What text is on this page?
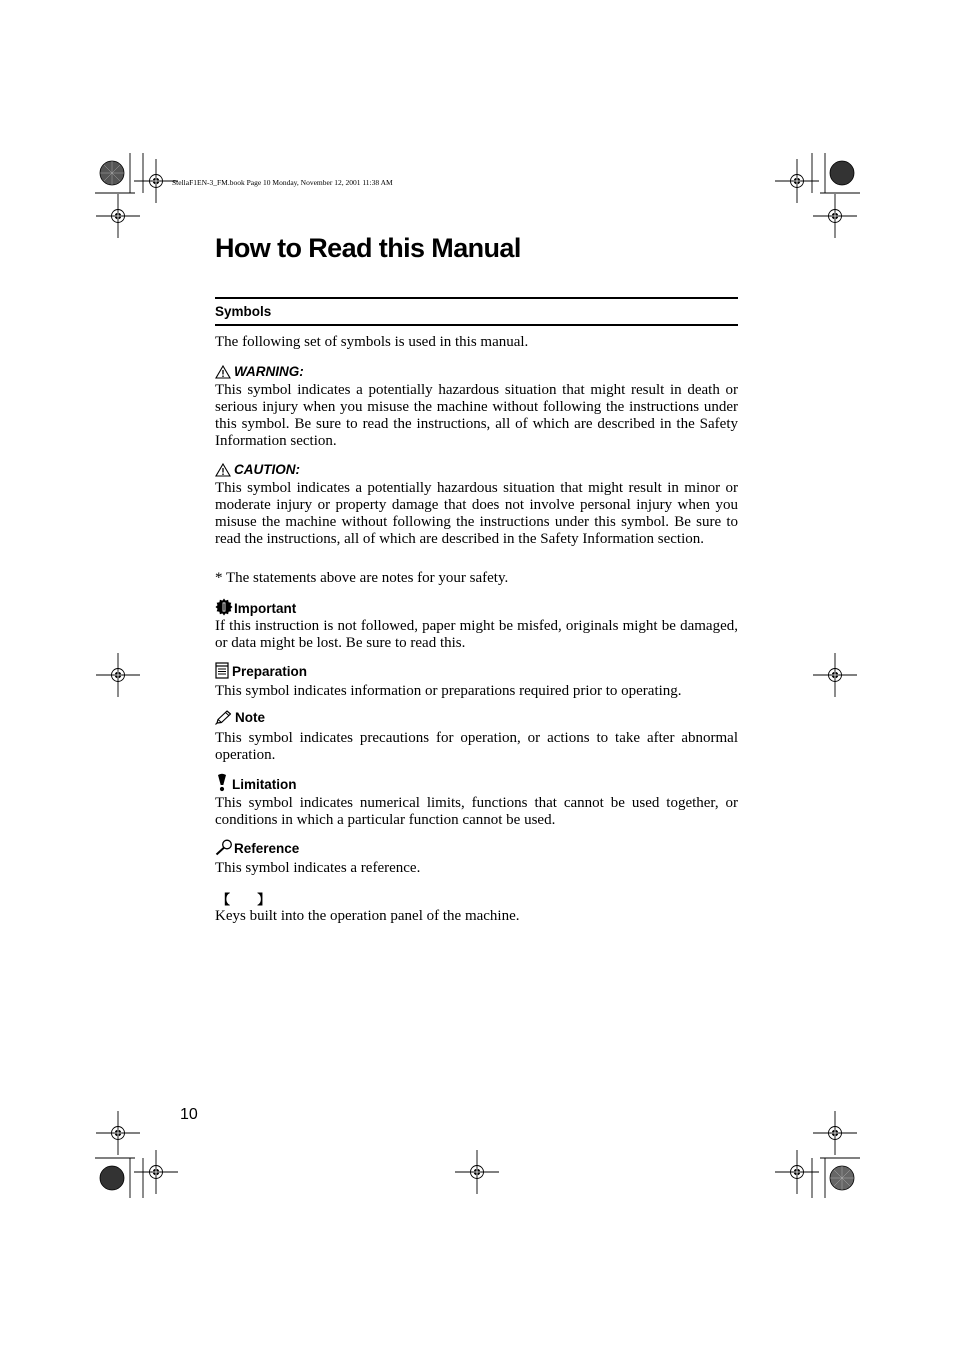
StellaF1EN-3_FM.book Page 10 Monday, November 12, 2001 11:38 AM
How to Read this Manual
Symbols
The following set of symbols is used in this manual.
WARNING:
This symbol indicates a potentially hazardous situation that might result in death or serious injury when you misuse the machine without following the instructions under this symbol. Be sure to read the instructions, all of which are described in the Safety Information section.
CAUTION:
This symbol indicates a potentially hazardous situation that might result in minor or moderate injury or property damage that does not involve personal injury when you misuse the machine without following the instructions under this symbol. Be sure to read the instructions, all of which are described in the Safety Information section.
* The statements above are notes for your safety.
Important
If this instruction is not followed, paper might be misfed, originals might be damaged, or data might be lost. Be sure to read this.
Preparation
This symbol indicates information or preparations required prior to operating.
Note
This symbol indicates precautions for operation, or actions to take after abnormal operation.
Limitation
This symbol indicates numerical limits, functions that cannot be used together, or conditions in which a particular function cannot be used.
Reference
This symbol indicates a reference.
【 】
Keys built into the operation panel of the machine.
10
